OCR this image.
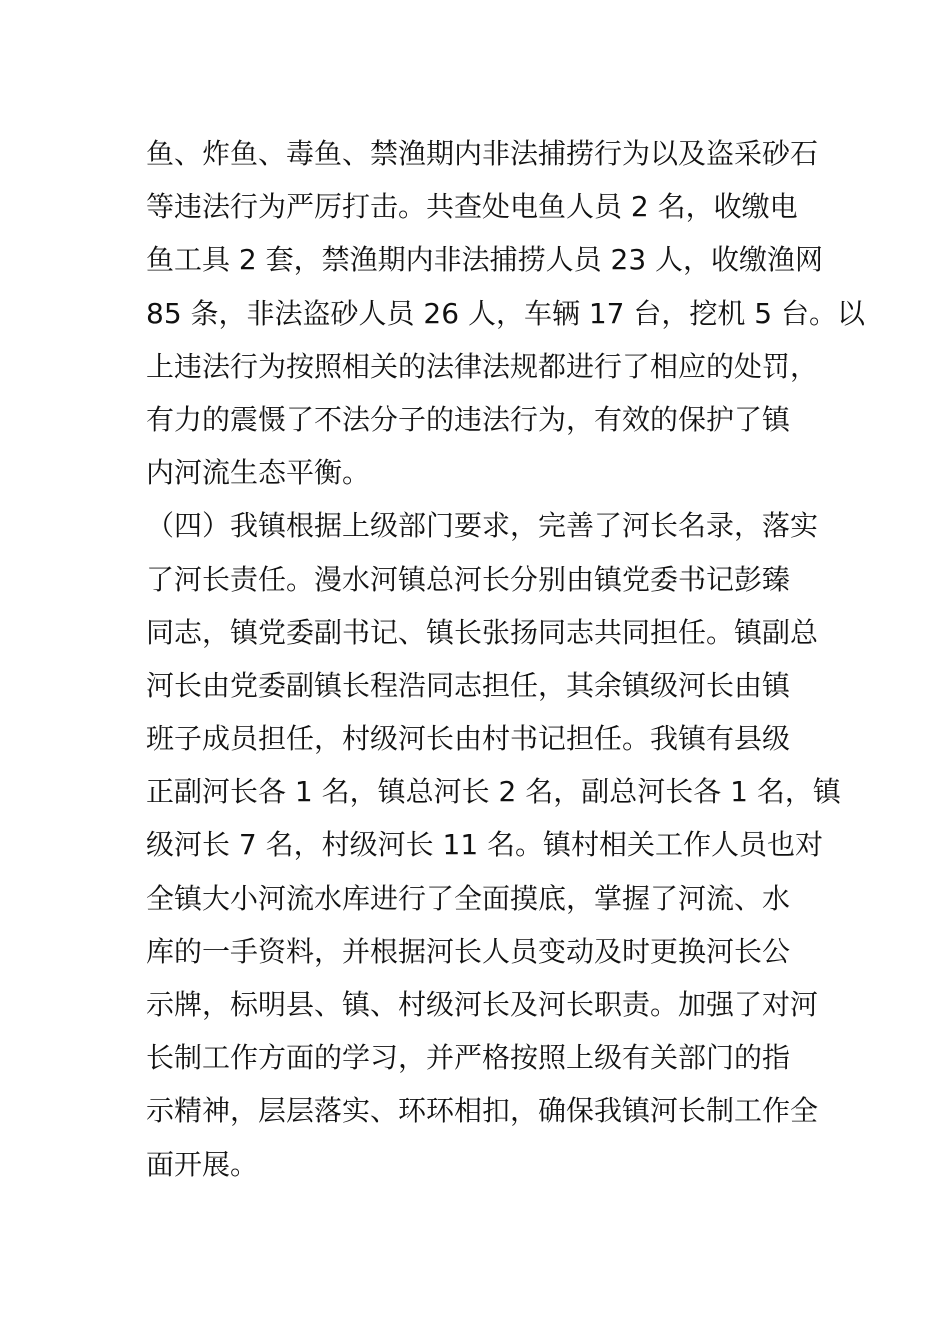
鱼、炸鱼、毒鱼、禁渔期内非法捕捞行为以及盗采砂石
等违法行为严厉打击。共查处电鱼人员 2 名，收缴电
鱼工具 2 套，禁渔期内非法捕捞人员 23 人，收缴渔网
85 条，非法盗砂人员 26 人，车辆 17 台，挖机 5 台。以
上违法行为按照相关的法律法规都进行了相应的处罚，
有力的震慑了不法分子的违法行为，有效的保护了镇
内河流生态平衡。
（四）我镇根据上级部门要求，完善了河长名录，落实
了河长责任。漫水河镇总河长分别由镇党委书记彭臻
同志，镇党委副书记、镇长张扬同志共同担任。镇副总
河长由党委副镇长程浩同志担任，其余镇级河长由镇
班子成员担任，村级河长由村书记担任。我镇有县级
正副河长各 1 名，镇总河长 2 名，副总河长各 1 名，镇
级河长 7 名，村级河长 11 名。镇村相关工作人员也对
全镇大小河流水库进行了全面摸底，掌握了河流、水
库的一手资料，并根据河长人员变动及时更换河长公
示牌，标明县、镇、村级河长及河长职责。加强了对河
长制工作方面的学习，并严格按照上级有关部门的指
示精神，层层落实、环环相扣，确保我镇河长制工作全
面开展。
